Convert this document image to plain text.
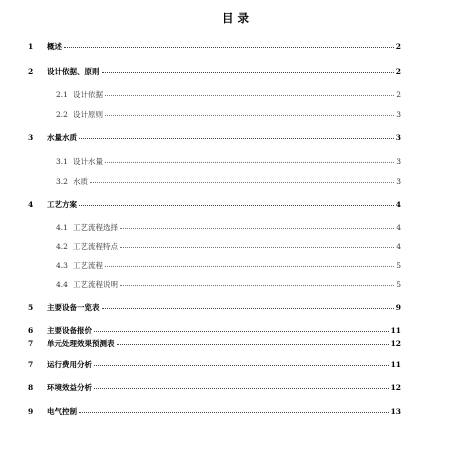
目 录
1	概述	2
2	设计依据、原则	2
2.1 设计依据	2
2.2 设计原则	3
3	水量水质	3
3.1 设计水量	3
3.2 水质	3
4	工艺方案	4
4.1 工艺流程选择	4
4.2 工艺流程特点	4
4.3 工艺流程	5
4.4 工艺流程说明	5
5	主要设备一览表	9
6	主要设备报价	11
7	单元处理效果预测表	12
7	运行费用分析	11
8	环境效益分析	12
9	电气控制	13
